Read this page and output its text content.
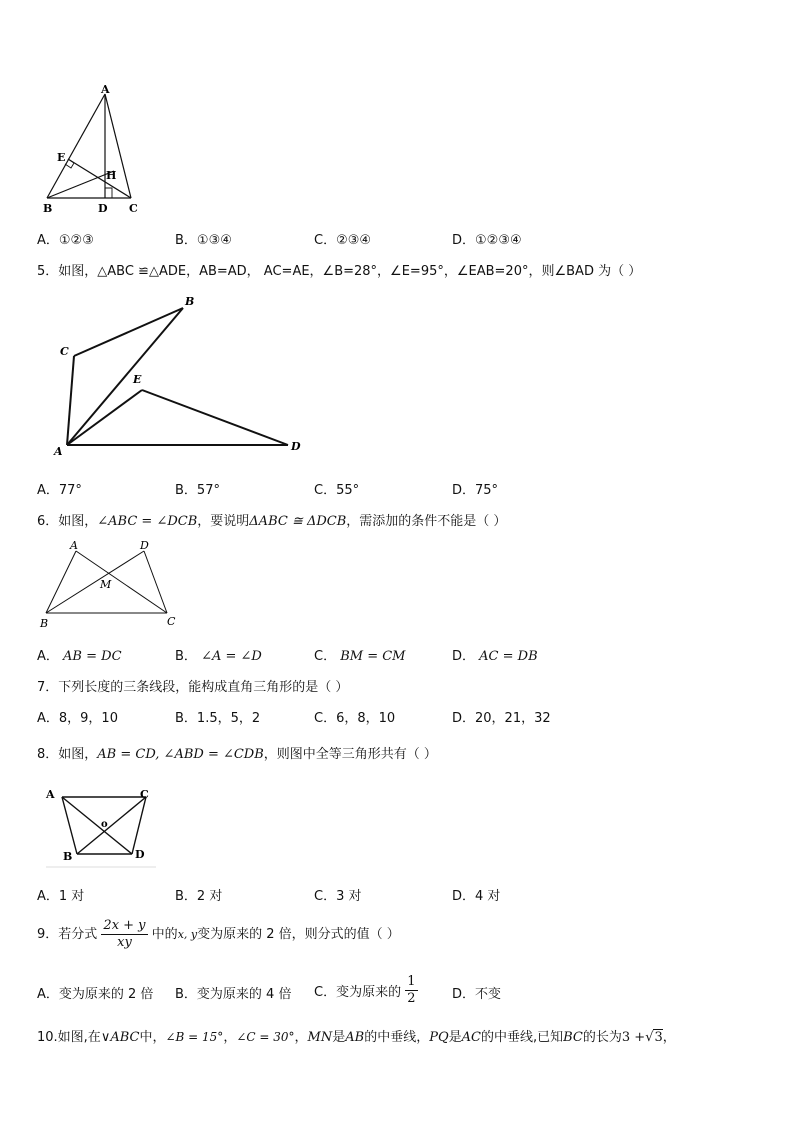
A
E
H
B	D C
A．①②③	B．①③④	C．②③④	D．①②③④
5．如图，△ABC ≌△ADE，AB=AD， AC=AE，∠B=28°，∠E=95°，∠EAB=20°，则∠BAD 为（ ）
B
C
E
A	D
A．77°	B．57°	C．55°	D．75°
6．如图，∠ABC = ∠DCB，要说明ΔABC ≅ ΔDCB，需添加的条件不能是（ ）
A	D
M
B	C
A． AB = DC	B． ∠A = ∠D	C． BM = CM	D． AC = DB
7．下列长度的三条线段，能构成直角三角形的是（ ）
A．8，9，10	B．1.5，5，2	C．6，8，10	D．20，21，32
8．如图，AB = CD, ∠ABD = ∠CDB，则图中全等三角形共有（ ）
A	C
o
B	D
A．1 对	B．2 对	C．3 对	D．4 对
9．若分式 $\frac{2x + y}{xy}$ 中的x, y变为原来的 2 倍，则分式的值（ ）
A．变为原来的 2 倍 B．变为原来的 4 倍 C．变为原来的 $\frac{1}{2}$	D．不变
10.如图,在∨ABC中，∠B = 15°，∠C = 30°，MN是AB的中垂线，PQ是AC的中垂线,已知BC的长为3 +√3，
